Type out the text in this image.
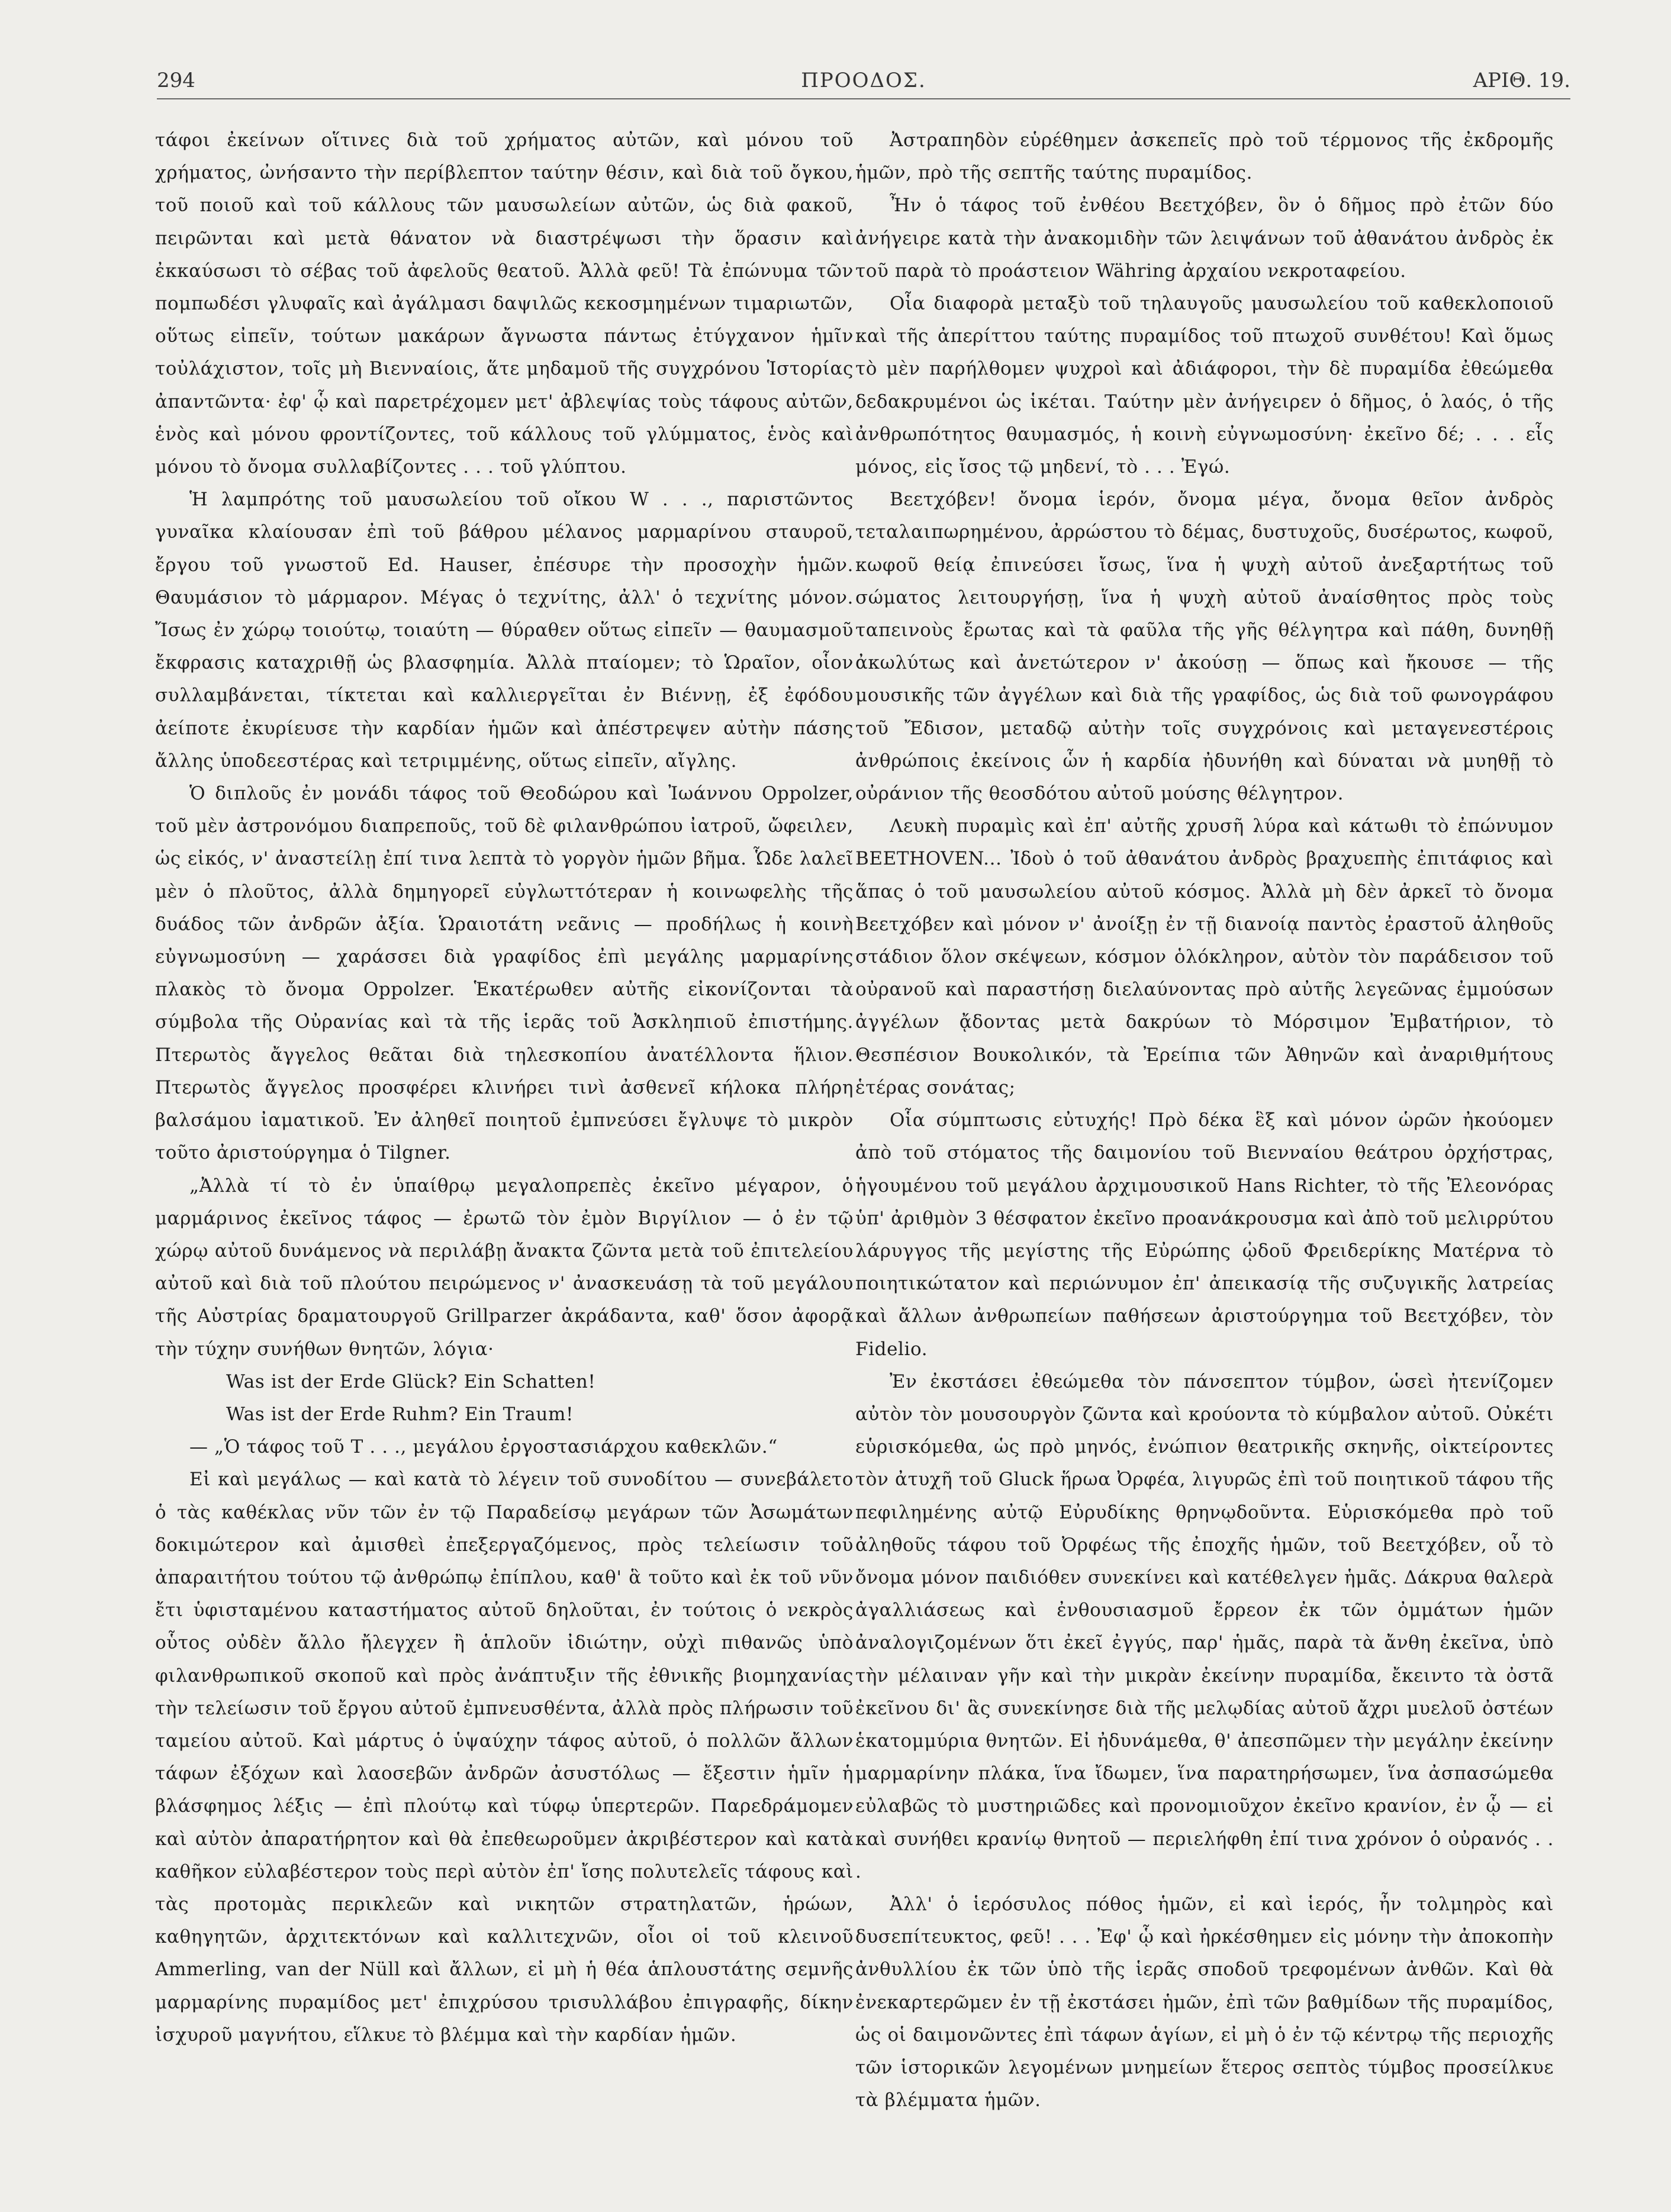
294	ΠΡΟΟΔΟΣ.	ΑΡΙΘ. 19.

τάφοι ἐκείνων οἵτινες διὰ τοῦ χρήματος αὐτῶν, καὶ μόνου τοῦ χρήματος, ὠνήσαντο τὴν περίβλεπτον ταύτην θέσιν, καὶ διὰ τοῦ ὄγκου, τοῦ ποιοῦ καὶ τοῦ κάλλους τῶν μαυσωλείων αὐτῶν, ὡς διὰ φακοῦ, πειρῶνται καὶ μετὰ θάνατον νὰ διαστρέψωσι τὴν ὅρασιν καὶ ἐκκαύσωσι τὸ σέβας τοῦ ἀφελοῦς θεατοῦ. Ἀλλὰ φεῦ! Τὰ ἐπώνυμα τῶν πομπωδέσι γλυφαῖς καὶ ἀγάλμασι δαψιλῶς κεκοσμημένων τιμαριωτῶν, οὕτως εἰπεῖν, τούτων μακάρων ἄγνωστα πάντως ἐτύγχανον ἡμῖν τοὐλάχιστον, τοῖς μὴ Βιενναίοις, ἅτε μηδαμοῦ τῆς συγχρόνου Ἱστορίας ἀπαντῶντα· ἐφ' ᾧ καὶ παρετρέχομεν μετ' ἀβλεψίας τοὺς τάφους αὐτῶν, ἑνὸς καὶ μόνου φροντίζοντες, τοῦ κάλλους τοῦ γλύμματος, ἑνὸς καὶ μόνου τὸ ὄνομα συλλαβίζοντες . . . τοῦ γλύπτου.

Ἡ λαμπρότης τοῦ μαυσωλείου τοῦ οἴκου W . . ., παριστῶντος γυναῖκα κλαίουσαν ἐπὶ τοῦ βάθρου μέλανος μαρμαρίνου σταυροῦ, ἔργου τοῦ γνωστοῦ Ed. Hauser, ἐπέσυρε τὴν προσοχὴν ἡμῶν. Θαυμάσιον τὸ μάρμαρον. Μέγας ὁ τεχνίτης, ἀλλ' ὁ τεχνίτης μόνον. Ἴσως ἐν χώρῳ τοιούτῳ, τοιαύτη — θύραθεν οὕτως εἰπεῖν — θαυμασμοῦ ἔκφρασις καταχριθῇ ὡς βλασφημία. Ἀλλὰ πταίομεν; τὸ Ὡραῖον, οἷον συλλαμβάνεται, τίκτεται καὶ καλλιεργεῖται ἐν Βιέννῃ, ἐξ ἐφόδου ἀείποτε ἐκυρίευσε τὴν καρδίαν ἡμῶν καὶ ἀπέστρεψεν αὐτὴν πάσης ἄλλης ὑποδεεστέρας καὶ τετριμμένης, οὕτως εἰπεῖν, αἴγλης.

Ὁ διπλοῦς ἐν μονάδι τάφος τοῦ Θεοδώρου καὶ Ἰωάννου Oppolzer, τοῦ μὲν ἀστρονόμου διαπρεποῦς, τοῦ δὲ φιλανθρώπου ἰατροῦ, ὤφειλεν, ὡς εἰκός, ν' ἀναστείλῃ ἐπί τινα λεπτὰ τὸ γοργὸν ἡμῶν βῆμα. Ὧδε λαλεῖ μὲν ὁ πλοῦτος, ἀλλὰ δημηγορεῖ εὐγλωττότεραν ἡ κοινωφελὴς τῆς δυάδος τῶν ἀνδρῶν ἀξία. Ὡραιοτάτη νεᾶνις — προδήλως ἡ κοινὴ εὐγνωμοσύνη — χαράσσει διὰ γραφίδος ἐπὶ μεγάλης μαρμαρίνης πλακὸς τὸ ὄνομα Oppolzer. Ἑκατέρωθεν αὐτῆς εἰκονίζονται τὰ σύμβολα τῆς Οὐρανίας καὶ τὰ τῆς ἱερᾶς τοῦ Ἀσκληπιοῦ ἐπιστήμης. Πτερωτὸς ἄγγελος θεᾶται διὰ τηλεσκοπίου ἀνατέλλοντα ἥλιον. Πτερωτὸς ἄγγελος προσφέρει κλινήρει τινὶ ἀσθενεῖ κήλοκα πλήρη βαλσάμου ἰαματικοῦ. Ἐν ἀληθεῖ ποιητοῦ ἐμπνεύσει ἔγλυψε τὸ μικρὸν τοῦτο ἀριστούργημα ὁ Tilgner.

„Ἀλλὰ τί τὸ ἐν ὑπαίθρῳ μεγαλοπρεπὲς ἐκεῖνο μέγαρον, ὁ μαρμάρινος ἐκεῖνος τάφος — ἐρωτῶ τὸν ἐμὸν Βιργίλιον — ὁ ἐν τῷ χώρῳ αὐτοῦ δυνάμενος νὰ περιλάβῃ ἄνακτα ζῶντα μετὰ τοῦ ἐπιτελείου αὐτοῦ καὶ διὰ τοῦ πλούτου πειρώμενος ν' ἀνασκευάσῃ τὰ τοῦ μεγάλου τῆς Αὐστρίας δραματουργοῦ Grillparzer ἀκράδαντα, καθ' ὅσον ἀφορᾷ τὴν τύχην συνήθων θνητῶν, λόγια·

Was ist der Erde Glück? Ein Schatten!

Was ist der Erde Ruhm? Ein Traum!

— „Ὁ τάφος τοῦ Τ . . ., μεγάλου ἐργοστασιάρχου καθεκλῶν.“

Εἰ καὶ μεγάλως — καὶ κατὰ τὸ λέγειν τοῦ συνοδίτου — συνεβάλετο ὁ τὰς καθέκλας νῦν τῶν ἐν τῷ Παραδείσῳ μεγάρων τῶν Ἀσωμάτων δοκιμώτερον καὶ ἀμισθεὶ ἐπεξεργαζόμενος, πρὸς τελείωσιν τοῦ ἀπαραιτήτου τούτου τῷ ἀνθρώπῳ ἐπίπλου, καθ' ἃ τοῦτο καὶ ἐκ τοῦ νῦν ἔτι ὑφισταμένου καταστήματος αὐτοῦ δηλοῦται, ἐν τούτοις ὁ νεκρὸς οὗτος οὐδὲν ἄλλο ἤλεγχεν ἢ ἁπλοῦν ἰδιώτην, οὐχὶ πιθανῶς ὑπὸ φιλανθρωπικοῦ σκοποῦ καὶ πρὸς ἀνάπτυξιν τῆς ἐθνικῆς βιομηχανίας τὴν τελείωσιν τοῦ ἔργου αὐτοῦ ἐμπνευσθέντα, ἀλλὰ πρὸς πλήρωσιν τοῦ ταμείου αὐτοῦ. Καὶ μάρτυς ὁ ὑψαύχην τάφος αὐτοῦ, ὁ πολλῶν ἄλλων τάφων ἐξόχων καὶ λαοσεβῶν ἀνδρῶν ἀσυστόλως — ἔξεστιν ἡμῖν ἡ βλάσφημος λέξις — ἐπὶ πλούτῳ καὶ τύφῳ ὑπερτερῶν. Παρεδράμομεν καὶ αὐτὸν ἀπαρατήρητον καὶ θὰ ἐπεθεωροῦμεν ἀκριβέστερον καὶ κατὰ καθῆκον εὐλαβέστερον τοὺς περὶ αὐτὸν ἐπ' ἴσης πολυτελεῖς τάφους καὶ τὰς προτομὰς περικλεῶν καὶ νικητῶν στρατηλατῶν, ἡρώων, καθηγητῶν, ἀρχιτεκτόνων καὶ καλλιτεχνῶν, οἷοι οἱ τοῦ κλεινοῦ Ammerling, van der Nüll καὶ ἄλλων, εἰ μὴ ἡ θέα ἁπλουστάτης σεμνῆς μαρμαρίνης πυραμίδος μετ' ἐπιχρύσου τρισυλλάβου ἐπιγραφῆς, δίκην ἰσχυροῦ μαγνήτου, εἵλκυε τὸ βλέμμα καὶ τὴν καρδίαν ἡμῶν.

Ἀστραπηδὸν εὑρέθημεν ἀσκεπεῖς πρὸ τοῦ τέρμονος τῆς ἐκδρομῆς ἡμῶν, πρὸ τῆς σεπτῆς ταύτης πυραμίδος.

Ἦν ὁ τάφος τοῦ ἐνθέου Βεετχόβεν, ὃν ὁ δῆμος πρὸ ἐτῶν δύο ἀνήγειρε κατὰ τὴν ἀνακομιδὴν τῶν λειψάνων τοῦ ἀθανάτου ἀνδρὸς ἐκ τοῦ παρὰ τὸ προάστειον Währing ἀρχαίου νεκροταφείου.

Οἷα διαφορὰ μεταξὺ τοῦ τηλαυγοῦς μαυσωλείου τοῦ καθεκλοποιοῦ καὶ τῆς ἀπερίττου ταύτης πυραμίδος τοῦ πτωχοῦ συνθέτου! Καὶ ὅμως τὸ μὲν παρήλθομεν ψυχροὶ καὶ ἀδιάφοροι, τὴν δὲ πυραμίδα ἐθεώμεθα δεδακρυμένοι ὡς ἱκέται. Ταύτην μὲν ἀνήγειρεν ὁ δῆμος, ὁ λαός, ὁ τῆς ἀνθρωπότητος θαυμασμός, ἡ κοινὴ εὐγνωμοσύνη· ἐκεῖνο δέ; . . . εἷς μόνος, εἰς ἴσος τῷ μηδενί, τὸ . . . Ἐγώ.

Βεετχόβεν! ὄνομα ἱερόν, ὄνομα μέγα, ὄνομα θεῖον ἀνδρὸς τεταλαιπωρημένου, ἀρρώστου τὸ δέμας, δυστυχοῦς, δυσέρωτος, κωφοῦ, κωφοῦ θείᾳ ἐπινεύσει ἴσως, ἵνα ἡ ψυχὴ αὐτοῦ ἀνεξαρτήτως τοῦ σώματος λειτουργήσῃ, ἵνα ἡ ψυχὴ αὐτοῦ ἀναίσθητος πρὸς τοὺς ταπεινοὺς ἔρωτας καὶ τὰ φαῦλα τῆς γῆς θέλγητρα καὶ πάθη, δυνηθῇ ἀκωλύτως καὶ ἀνετώτερον ν' ἀκούσῃ — ὅπως καὶ ἤκουσε — τῆς μουσικῆς τῶν ἀγγέλων καὶ διὰ τῆς γραφίδος, ὡς διὰ τοῦ φωνογράφου τοῦ Ἔδισον, μεταδῷ αὐτὴν τοῖς συγχρόνοις καὶ μεταγενεστέροις ἀνθρώποις ἐκείνοις ὧν ἡ καρδία ἠδυνήθη καὶ δύναται νὰ μυηθῇ τὸ οὐράνιον τῆς θεοσδότου αὐτοῦ μούσης θέλγητρον.

Λευκὴ πυραμὶς καὶ ἐπ' αὐτῆς χρυσῆ λύρα καὶ κάτωθι τὸ ἐπώνυμον BEETHOVEN... Ἰδοὺ ὁ τοῦ ἀθανάτου ἀνδρὸς βραχυεπὴς ἐπιτάφιος καὶ ἅπας ὁ τοῦ μαυσωλείου αὐτοῦ κόσμος. Ἀλλὰ μὴ δὲν ἀρκεῖ τὸ ὄνομα Βεετχόβεν καὶ μόνον ν' ἀνοίξῃ ἐν τῇ διανοίᾳ παντὸς ἐραστοῦ ἀληθοῦς στάδιον ὅλον σκέψεων, κόσμον ὁλόκληρον, αὐτὸν τὸν παράδεισον τοῦ οὐρανοῦ καὶ παραστήσῃ διελαύνοντας πρὸ αὐτῆς λεγεῶνας ἐμμούσων ἀγγέλων ᾄδοντας μετὰ δακρύων τὸ Μόρσιμον Ἐμβατήριον, τὸ Θεσπέσιον Βουκολικόν, τὰ Ἐρείπια τῶν Ἀθηνῶν καὶ ἀναριθμήτους ἑτέρας σονάτας;

Οἷα σύμπτωσις εὐτυχής! Πρὸ δέκα ἓξ καὶ μόνον ὡρῶν ἠκούομεν ἀπὸ τοῦ στόματος τῆς δαιμονίου τοῦ Βιενναίου θεάτρου ὀρχήστρας, ἡγουμένου τοῦ μεγάλου ἀρχιμουσικοῦ Hans Richter, τὸ τῆς Ἐλεονόρας ὑπ' ἀριθμὸν 3 θέσφατον ἐκεῖνο προανάκρουσμα καὶ ἀπὸ τοῦ μελιρρύτου λάρυγγος τῆς μεγίστης τῆς Εὐρώπης ᾠδοῦ Φρειδερίκης Ματέρνα τὸ ποιητικώτατον καὶ περιώνυμον ἐπ' ἀπεικασίᾳ τῆς συζυγικῆς λατρείας καὶ ἄλλων ἀνθρωπείων παθήσεων ἀριστούργημα τοῦ Βεετχόβεν, τὸν Fidelio.

Ἐν ἐκστάσει ἐθεώμεθα τὸν πάνσεπτον τύμβον, ὡσεὶ ἠτενίζομεν αὐτὸν τὸν μουσουργὸν ζῶντα καὶ κρούοντα τὸ κύμβαλον αὐτοῦ. Οὐκέτι εὑρισκόμεθα, ὡς πρὸ μηνός, ἐνώπιον θεατρικῆς σκηνῆς, οἰκτείροντες τὸν ἀτυχῆ τοῦ Gluck ἥρωα Ὀρφέα, λιγυρῶς ἐπὶ τοῦ ποιητικοῦ τάφου τῆς πεφιλημένης αὐτῷ Εὐρυδίκης θρηνῳδοῦντα. Εὑρισκόμεθα πρὸ τοῦ ἀληθοῦς τάφου τοῦ Ὀρφέως τῆς ἐποχῆς ἡμῶν, τοῦ Βεετχόβεν, οὗ τὸ ὄνομα μόνον παιδιόθεν συνεκίνει καὶ κατέθελγεν ἡμᾶς. Δάκρυα θαλερὰ ἀγαλλιάσεως καὶ ἐνθουσιασμοῦ ἔρρεον ἐκ τῶν ὀμμάτων ἡμῶν ἀναλογιζομένων ὅτι ἐκεῖ ἐγγύς, παρ' ἡμᾶς, παρὰ τὰ ἄνθη ἐκεῖνα, ὑπὸ τὴν μέλαιναν γῆν καὶ τὴν μικρὰν ἐκείνην πυραμίδα, ἔκειντο τὰ ὀστᾶ ἐκεῖνου δι' ἃς συνεκίνησε διὰ τῆς μελῳδίας αὐτοῦ ἄχρι μυελοῦ ὀστέων ἑκατομμύρια θνητῶν. Εἰ ἠδυνάμεθα, θ' ἀπεσπῶμεν τὴν μεγάλην ἐκείνην μαρμαρίνην πλάκα, ἵνα ἴδωμεν, ἵνα παρατηρήσωμεν, ἵνα ἀσπασώμεθα εὐλαβῶς τὸ μυστηριῶδες καὶ προνομιοῦχον ἐκεῖνο κρανίον, ἐν ᾧ — εἰ καὶ συνήθει κρανίῳ θνητοῦ — περιελήφθη ἐπί τινα χρόνον ὁ οὐρανός . . .

Ἀλλ' ὁ ἱερόσυλος πόθος ἡμῶν, εἰ καὶ ἱερός, ἦν τολμηρὸς καὶ δυσεπίτευκτος, φεῦ! . . . Ἐφ' ᾧ καὶ ἠρκέσθημεν εἰς μόνην τὴν ἀποκοπὴν ἀνθυλλίου ἐκ τῶν ὑπὸ τῆς ἱερᾶς σποδοῦ τρεφομένων ἀνθῶν. Καὶ θὰ ἐνεκαρτερῶμεν ἐν τῇ ἐκστάσει ἡμῶν, ἐπὶ τῶν βαθμίδων τῆς πυραμίδος, ὡς οἱ δαιμονῶντες ἐπὶ τάφων ἁγίων, εἰ μὴ ὁ ἐν τῷ κέντρῳ τῆς περιοχῆς τῶν ἱστορικῶν λεγομένων μνημείων ἕτερος σεπτὸς τύμβος προσείλκυε τὰ βλέμματα ἡμῶν.
